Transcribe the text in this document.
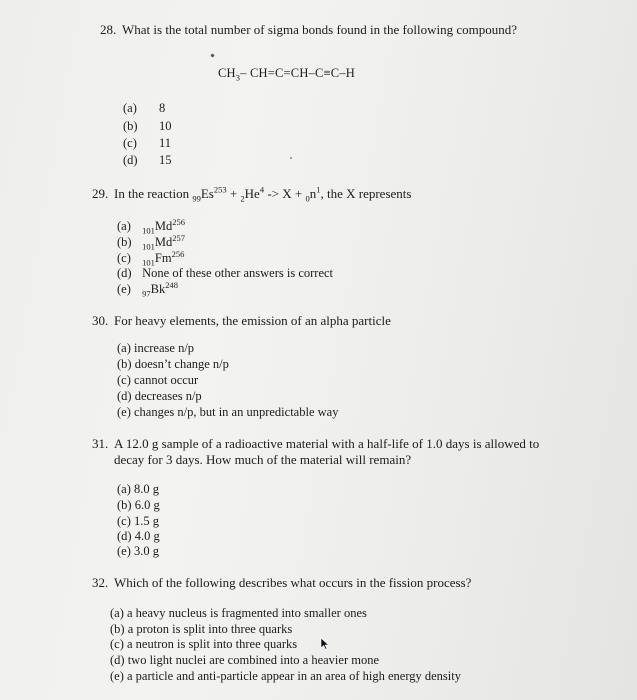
28. What is the total number of sigma bonds found in the following compound?
$CH_3-$ CH=C=CH–C≡C–H
(a) 8
(b) 10
(c) 11
(d) 15
29. In the reaction $_{99}Es^{253} + _2He^4 -> X + _0n^1$, the X represents
(a) $_{101}Md^{256}$
(b) $_{101}Md^{257}$
(c) $_{101}Fm^{256}$
(d) None of these other answers is correct
(e) $_{97}Bk^{248}$
30. For heavy elements, the emission of an alpha particle
(a) increase n/p
(b) doesn’t change n/p
(c) cannot occur
(d) decreases n/p
(e) changes n/p, but in an unpredictable way
31. A 12.0 g sample of a radioactive material with a half-life of 1.0 days is allowed to
decay for 3 days. How much of the material will remain?
(a) 8.0 g
(b) 6.0 g
(c) 1.5 g
(d) 4.0 g
(e) 3.0 g
32. Which of the following describes what occurs in the fission process?
(a) a heavy nucleus is fragmented into smaller ones
(b) a proton is split into three quarks
(c) a neutron is split into three quarks
(d) two light nuclei are combined into a heavier mone
(e) a particle and anti-particle appear in an area of high energy density
